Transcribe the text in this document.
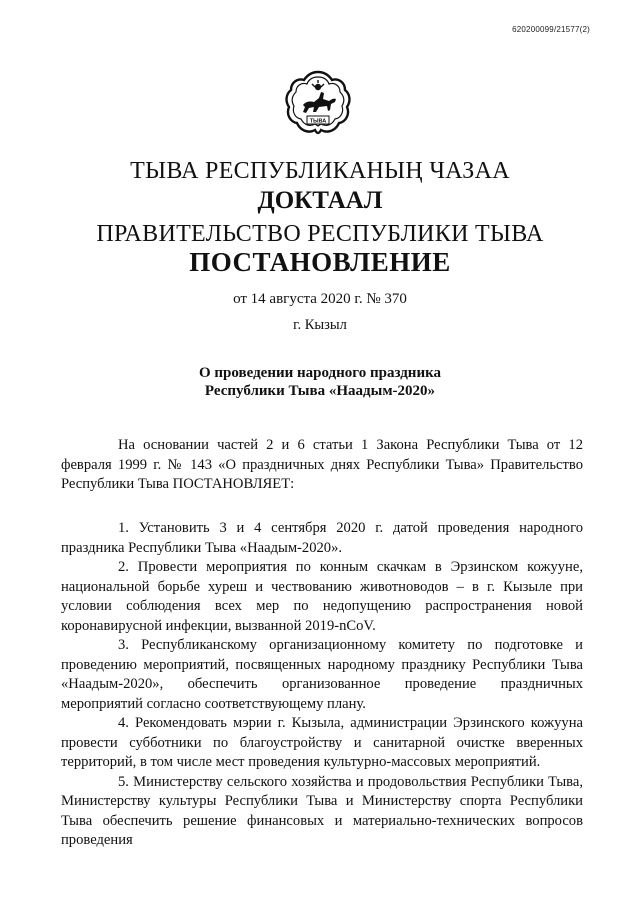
620200099/21577(2)
ТЫВА
ТЫВА РЕСПУБЛИКАНЫҢ ЧАЗАА
ДОКТААЛ
ПРАВИТЕЛЬСТВО РЕСПУБЛИКИ ТЫВА
ПОСТАНОВЛЕНИЕ
от 14 августа 2020 г. № 370
г. Кызыл
О проведении народного праздника
Республики Тыва «Наадым-2020»

На основании частей 2 и 6 статьи 1 Закона Республики Тыва от 12 февраля 1999 г. № 143 «О праздничных днях Республики Тыва» Правительство Республики Тыва ПОСТАНОВЛЯЕТ:

1. Установить 3 и 4 сентября 2020 г. датой проведения народного праздника Республики Тыва «Наадым-2020».

2. Провести мероприятия по конным скачкам в Эрзинском кожууне, национальной борьбе хуреш и чествованию животноводов – в г. Кызыле при условии соблюдения всех мер по недопущению распространения новой коронавирусной инфекции, вызванной 2019-nCoV.

3. Республиканскому организационному комитету по подготовке и проведению мероприятий, посвященных народному празднику Республики Тыва «Наадым-2020», обеспечить организованное проведение праздничных мероприятий согласно соответствующему плану.

4. Рекомендовать мэрии г. Кызыла, администрации Эрзинского кожууна провести субботники по благоустройству и санитарной очистке вверенных территорий, в том числе мест проведения культурно-массовых мероприятий.

5. Министерству сельского хозяйства и продовольствия Республики Тыва, Министерству культуры Республики Тыва и Министерству спорта Республики Тыва обеспечить решение финансовых и материально-технических вопросов проведения
